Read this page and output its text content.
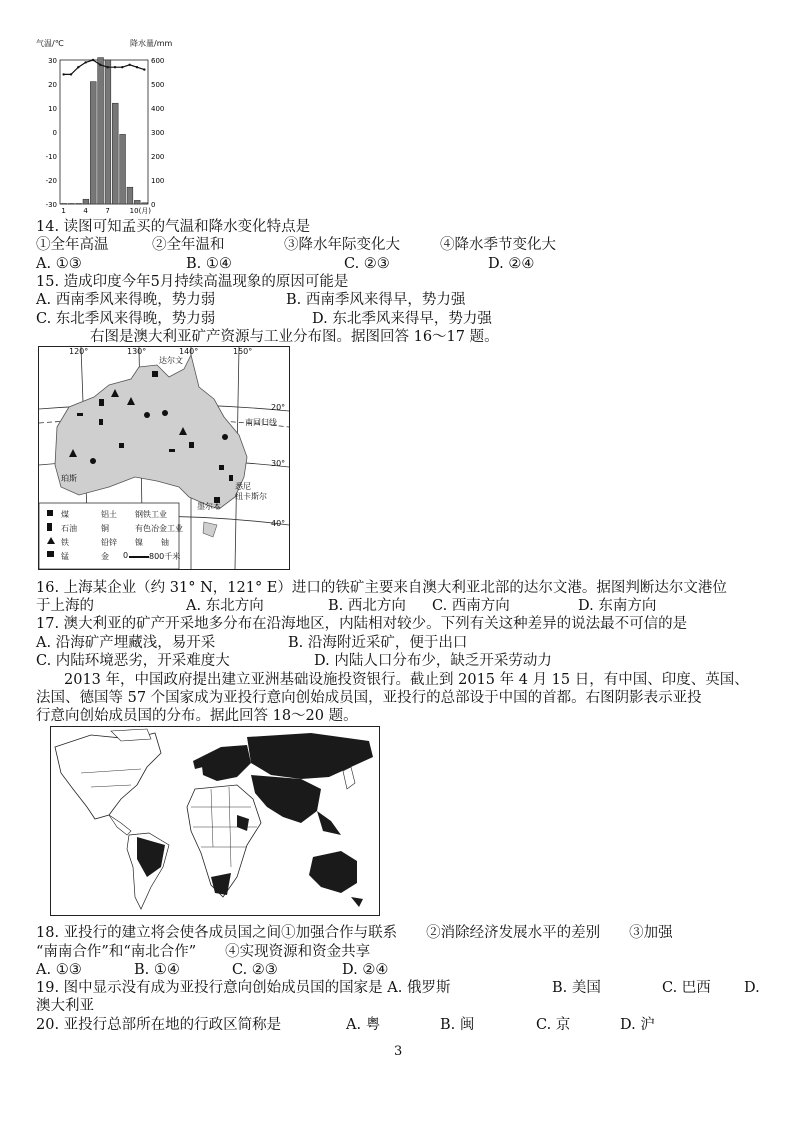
气温/℃	降水量/mm
30
20
10
0
-10
-20
-30
600
500
400
300
200
100
0
1	4	7	10(月)
14. 读图可知孟买的气温和降水变化特点是
①全年高温	②全年温和	③降水年际变化大	④降水季节变化大
A. ①③	B. ①④	C. ②③	D. ②④
15. 造成印度今年5月持续高温现象的原因可能是
A. 西南季风来得晚，势力弱	B. 西南季风来得早，势力强
C. 东北季风来得晚，势力弱	D. 东北季风来得早，势力强
右图是澳大利亚矿产资源与工业分布图。据图回答 16～17 题。
120°	130°	140°	150°
20°
30°
40°
达尔文
珀斯
悉尼
墨尔本
南回归线
纽卡斯尔
煤	铝土 钢铁工业
石油	铜	有色冶金工业
铁	铅锌 镍 铀
锰	金 0	800千米
16. 上海某企业（约 31° N，121° E）进口的铁矿主要来自澳大利亚北部的达尔文港。据图判断达尔文港位
于上海的	A. 东北方向	B. 西北方向 C. 西南方向	D. 东南方向
17. 澳大利亚的矿产开采地多分布在沿海地区，内陆相对较少。下列有关这种差异的说法最不可信的是
A. 沿海矿产埋藏浅，易开采	B. 沿海附近采矿，便于出口
C. 内陆环境恶劣，开采难度大	D. 内陆人口分布少，缺乏开采劳动力
2013 年，中国政府提出建立亚洲基础设施投资银行。截止到 2015 年 4 月 15 日，有中国、印度、英国、
法国、德国等 57 个国家成为亚投行意向创始成员国，亚投行的总部设于中国的首都。右图阴影表示亚投
行意向创始成员国的分布。据此回答 18～20 题。
18. 亚投行的建立将会使各成员国之间①加强合作与联系　　②消除经济发展水平的差别　　③加强
“南南合作”和“南北合作”　　④实现资源和资金共享
A. ①③	B. ①④	C. ②③	D. ②④
19. 图中显示没有成为亚投行意向创始成员国的国家是 A. 俄罗斯	B. 美国	C. 巴西 D.
澳大利亚
20. 亚投行总部所在地的行政区简称是	A. 粤	B. 闽	C. 京	D. 沪
3
